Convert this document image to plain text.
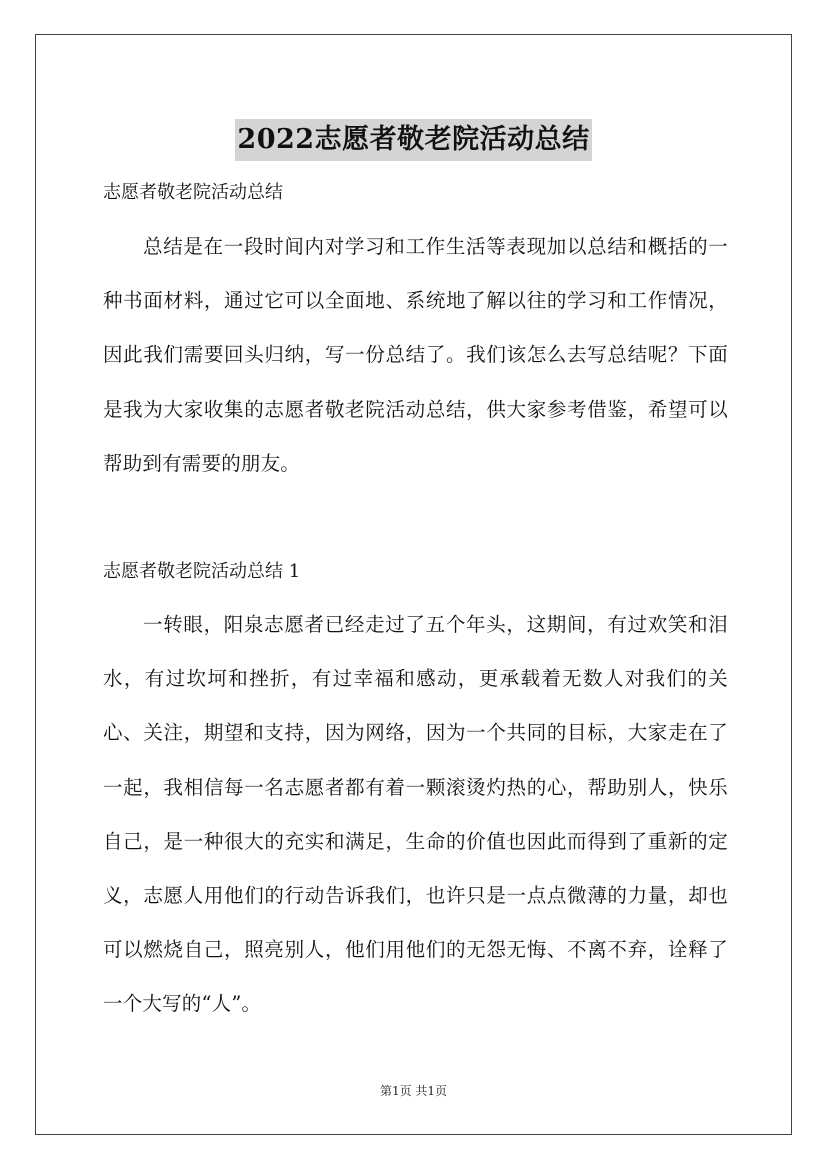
2022志愿者敬老院活动总结

志愿者敬老院活动总结

总结是在一段时间内对学习和工作生活等表现加以总结和概括的一种书面材料，通过它可以全面地、系统地了解以往的学习和工作情况，因此我们需要回头归纳，写一份总结了。我们该怎么去写总结呢？下面是我为大家收集的志愿者敬老院活动总结，供大家参考借鉴，希望可以帮助到有需要的朋友。

志愿者敬老院活动总结 1

一转眼，阳泉志愿者已经走过了五个年头，这期间，有过欢笑和泪水，有过坎坷和挫折，有过幸福和感动，更承载着无数人对我们的关心、关注，期望和支持，因为网络，因为一个共同的目标，大家走在了一起，我相信每一名志愿者都有着一颗滚烫灼热的心，帮助别人，快乐自己，是一种很大的充实和满足，生命的价值也因此而得到了重新的定义，志愿人用他们的行动告诉我们，也许只是一点点微薄的力量，却也可以燃烧自己，照亮别人，他们用他们的无怨无悔、不离不弃，诠释了一个大写的“人”。

第1页 共1页
